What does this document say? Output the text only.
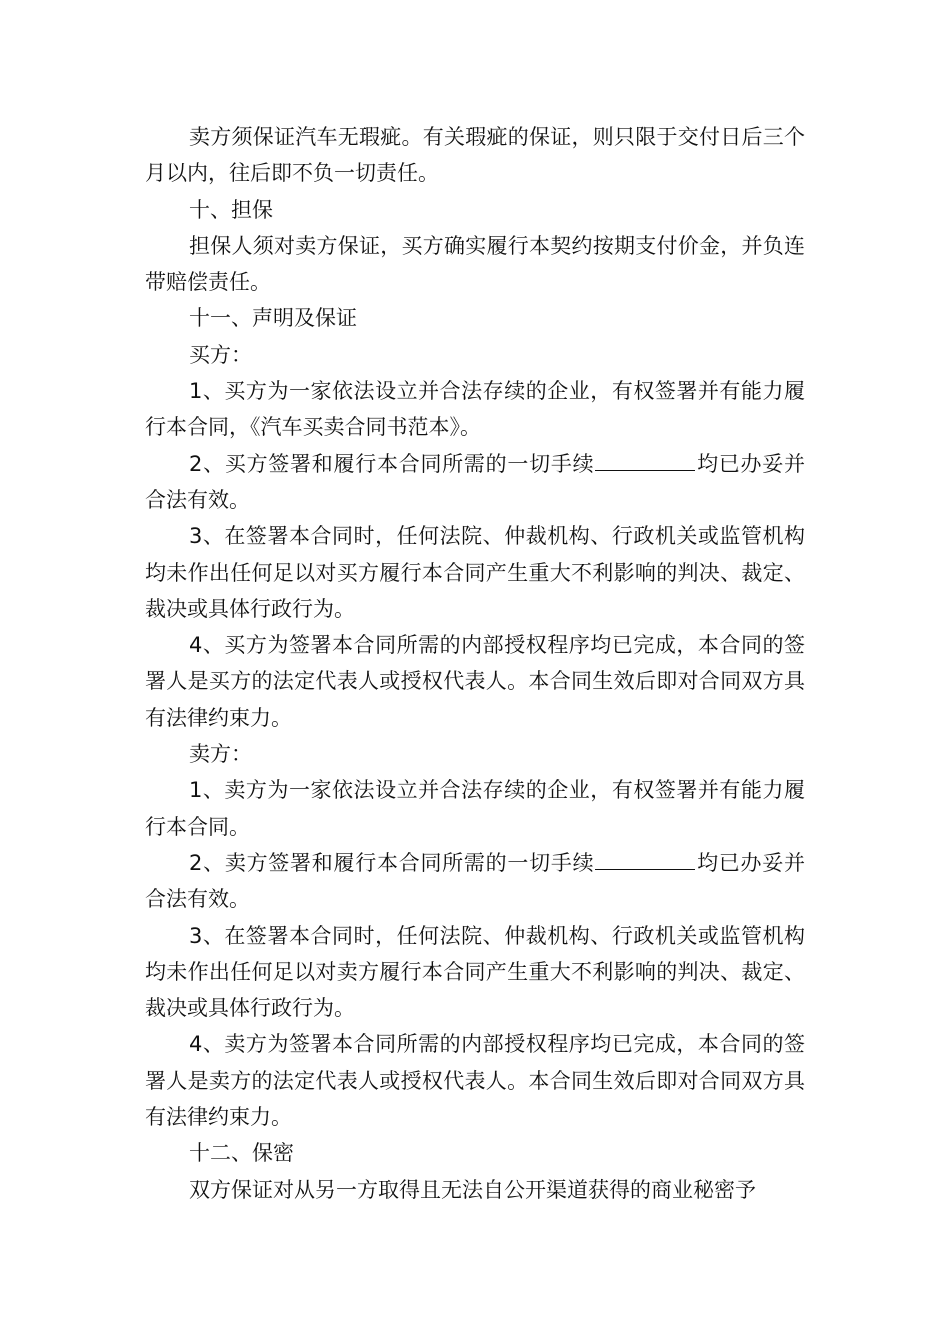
卖方须保证汽车无瑕疵。有关瑕疵的保证，则只限于交付日后三个月以内，往后即不负一切责任。

十、担保

担保人须对卖方保证，买方确实履行本契约按期支付价金，并负连带赔偿责任。

十一、声明及保证

买方：

1、买方为一家依法设立并合法存续的企业，有权签署并有能力履行本合同，《汽车买卖合同书范本》。

2、买方签署和履行本合同所需的一切手续	均已办妥并合法有效。

3、在签署本合同时，任何法院、仲裁机构、行政机关或监管机构均未作出任何足以对买方履行本合同产生重大不利影响的判决、裁定、裁决或具体行政行为。

4、买方为签署本合同所需的内部授权程序均已完成，本合同的签署人是买方的法定代表人或授权代表人。本合同生效后即对合同双方具有法律约束力。

卖方：

1、卖方为一家依法设立并合法存续的企业，有权签署并有能力履行本合同。

2、卖方签署和履行本合同所需的一切手续	均已办妥并合法有效。

3、在签署本合同时，任何法院、仲裁机构、行政机关或监管机构均未作出任何足以对卖方履行本合同产生重大不利影响的判决、裁定、裁决或具体行政行为。

4、卖方为签署本合同所需的内部授权程序均已完成，本合同的签署人是卖方的法定代表人或授权代表人。本合同生效后即对合同双方具有法律约束力。

十二、保密

双方保证对从另一方取得且无法自公开渠道获得的商业秘密予
